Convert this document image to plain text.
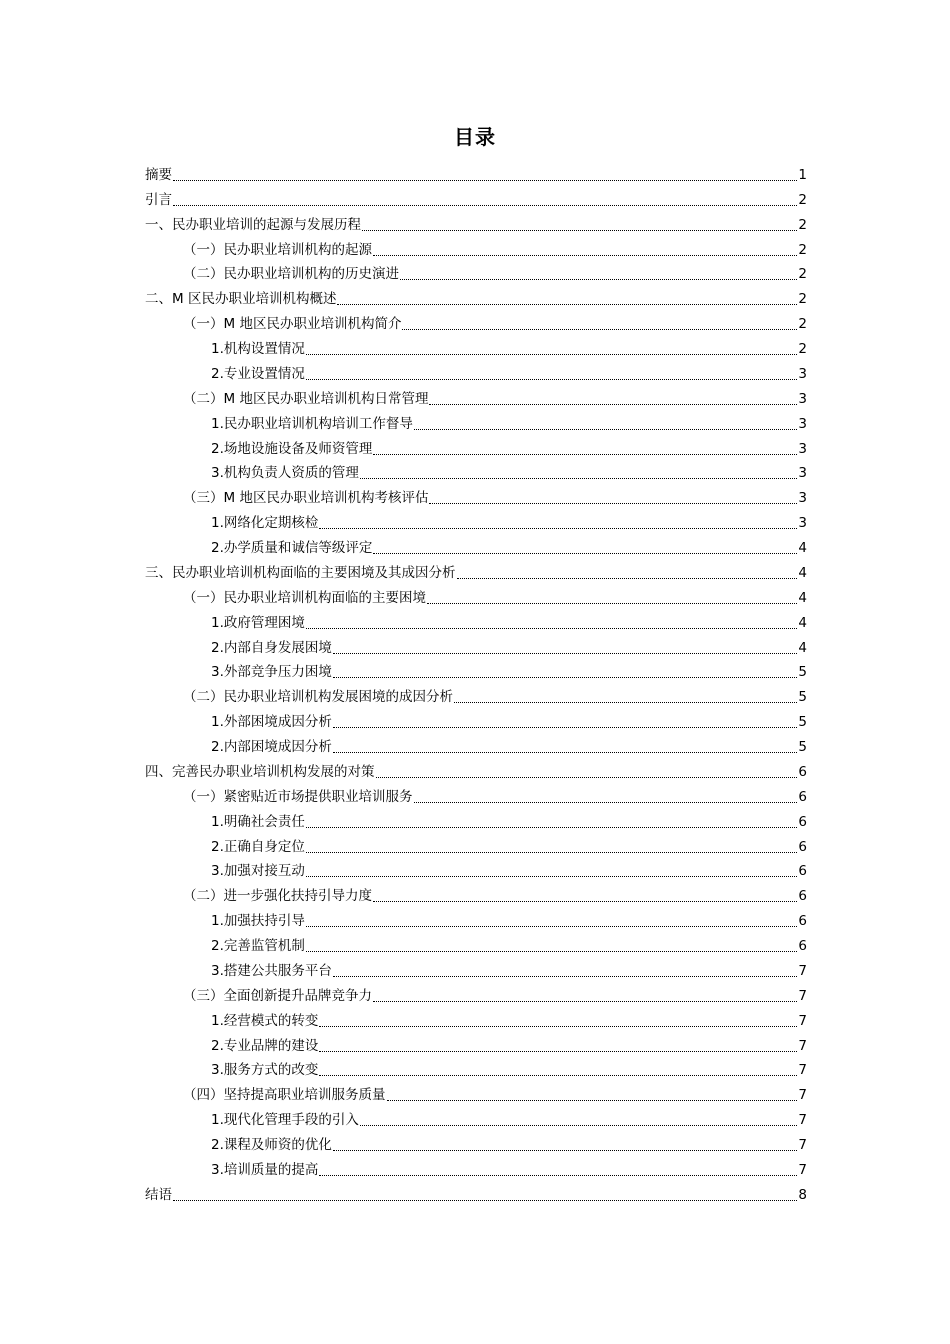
目录
摘要	1
引言	2
一、民办职业培训的起源与发展历程	2
（一）民办职业培训机构的起源	2
（二）民办职业培训机构的历史演进	2
二、M 区民办职业培训机构概述	2
（一）M 地区民办职业培训机构简介	2
1.机构设置情况	2
2.专业设置情况	3
（二）M 地区民办职业培训机构日常管理	3
1.民办职业培训机构培训工作督导	3
2.场地设施设备及师资管理	3
3.机构负责人资质的管理	3
（三）M 地区民办职业培训机构考核评估	3
1.网络化定期核检	3
2.办学质量和诚信等级评定	4
三、民办职业培训机构面临的主要困境及其成因分析	4
（一）民办职业培训机构面临的主要困境	4
1.政府管理困境	4
2.内部自身发展困境	4
3.外部竞争压力困境	5
（二）民办职业培训机构发展困境的成因分析	5
1.外部困境成因分析	5
2.内部困境成因分析	5
四、完善民办职业培训机构发展的对策	6
（一）紧密贴近市场提供职业培训服务	6
1.明确社会责任	6
2.正确自身定位	6
3.加强对接互动	6
（二）进一步强化扶持引导力度	6
1.加强扶持引导	6
2.完善监管机制	6
3.搭建公共服务平台	7
（三）全面创新提升品牌竞争力	7
1.经营模式的转变	7
2.专业品牌的建设	7
3.服务方式的改变	7
（四）坚持提高职业培训服务质量	7
1.现代化管理手段的引入	7
2.课程及师资的优化	7
3.培训质量的提高	7
结语	8
